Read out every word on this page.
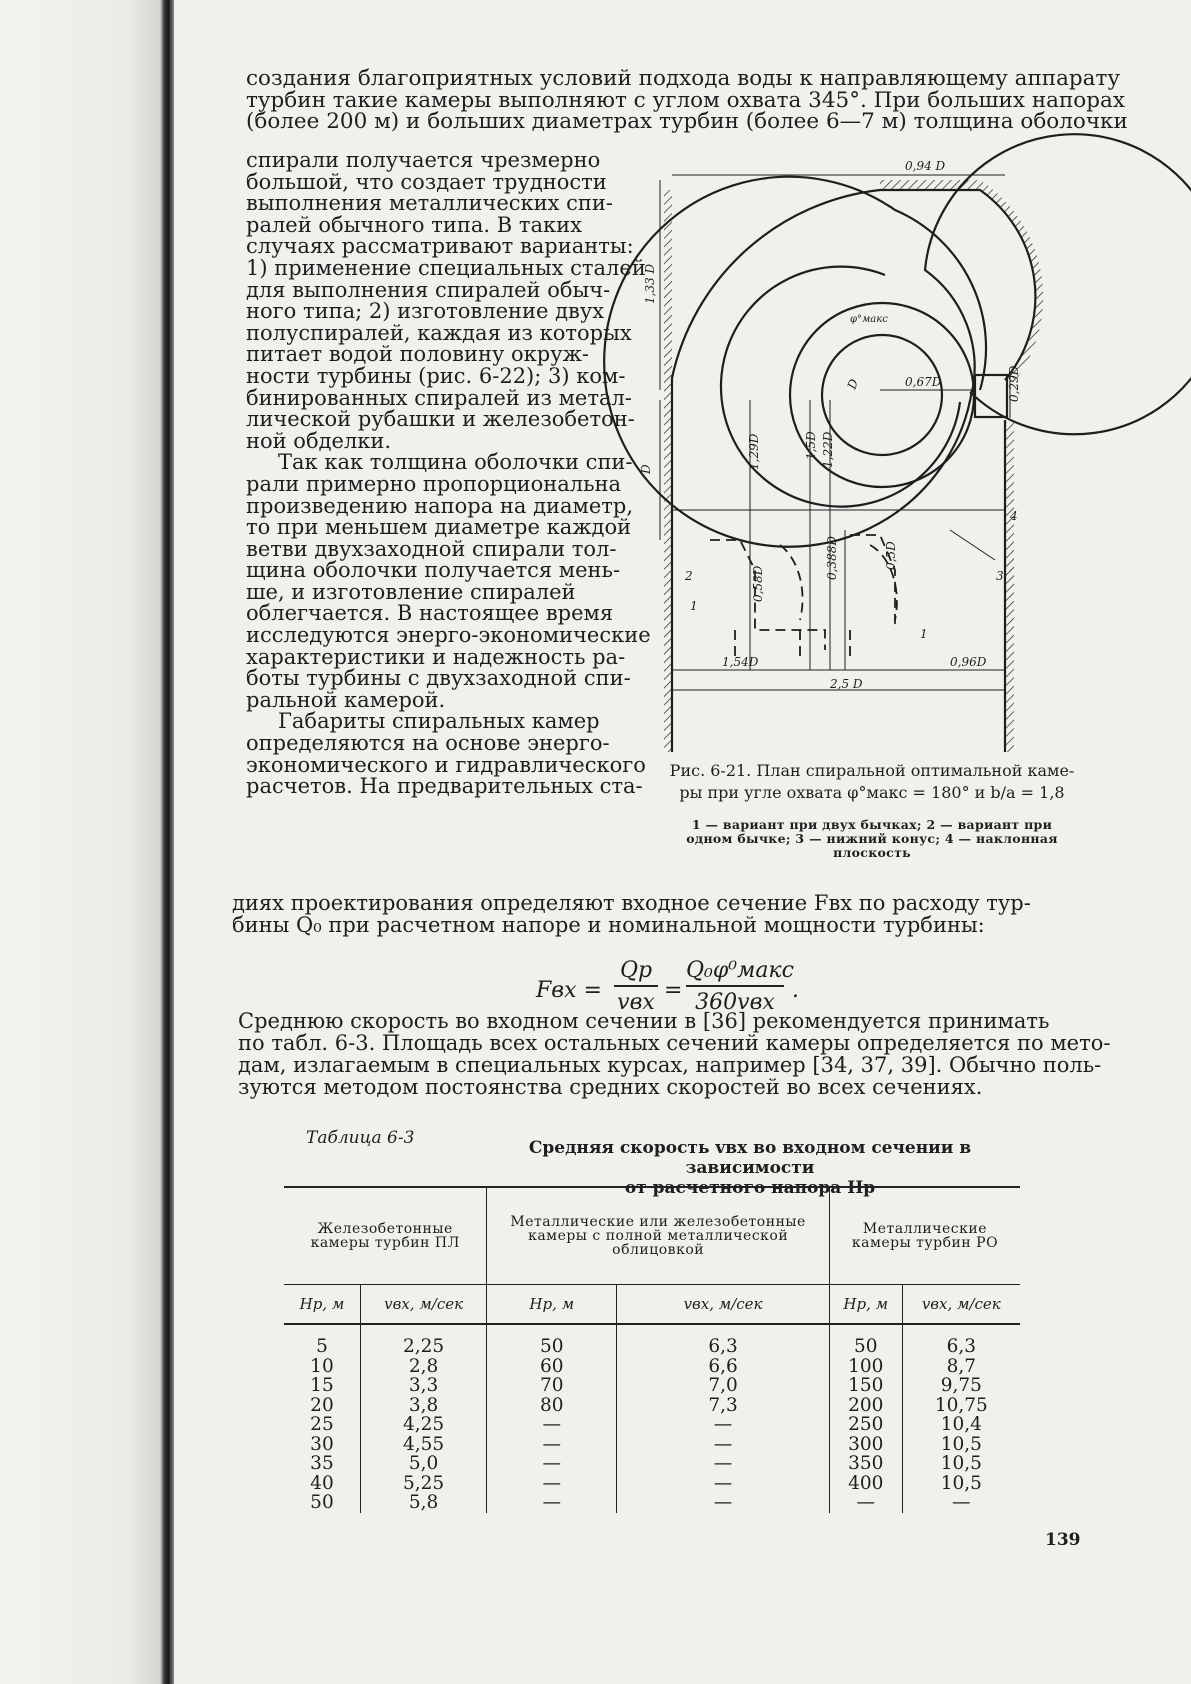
создания благоприятных условий подхода воды к направляющему аппарату
турбин такие камеры выполняют с углом охвата 345°. При больших напорах
(более 200 м) и больших диаметрах турбин (более 6—7 м) толщина оболочки
спирали получается чрезмерно
большой, что создает трудности
выполнения металлических спи-
ралей обычного типа. В таких
случаях рассматривают варианты:
1) применение специальных сталей
для выполнения спиралей обыч-
ного типа; 2) изготовление двух
полуспиралей, каждая из которых
питает водой половину окруж-
ности турбины (рис. 6-22); 3) ком-
бинированных спиралей из метал-
лической рубашки и железобетон-
ной обделки.
Так как толщина оболочки спи-
рали примерно пропорциональна
произведению напора на диаметр,
то при меньшем диаметре каждой
ветви двухзаходной спирали тол-
щина оболочки получается мень-
ше, и изготовление спиралей
облегчается. В настоящее время
исследуются энерго-экономические
характеристики и надежность ра-
боты турбины с двухзаходной спи-
ральной камерой.
Габариты спиральных камер
определяются на основе энерго-
экономического и гидравлического
расчетов. На предварительных ста-
0,94 D
1,33 D
0,67D	0,29D
D
D
1,29D	1,5D 1,22D
0,388D	0,5D
0,58D
1,54D	0,96D
2,5 D
φ°макс
1
1
2	3
4
Рис. 6-21. План спиральной оптимальной каме-
ры при угле охвата φ°макс = 180° и b/a = 1,8
1 — вариант при двух бычках; 2 — вариант при
одном бычке; 3 — нижний конус; 4 — наклонная
плоскость
диях проектирования определяют входное сечение Fвх по расходу тур-
бины Q₀ при расчетном напоре и номинальной мощности турбины:
Fвх =
Qр
vвх =
Q₀φ⁰макс
360vвх .
Среднюю скорость во входном сечении в [36] рекомендуется принимать
по табл. 6-3. Площадь всех остальных сечений камеры определяется по мето-
дам, излагаемым в специальных курсах, например [34, 37, 39]. Обычно поль-
зуются методом постоянства средних скоростей во всех сечениях.
Таблица 6-3	Средняя скорость vвх во входном сечении в зависимости
от расчетного напора Hр
Железобетонные камеры турбин ПЛ		Металлические или железобетонные камеры с полной металлической облицовкой		Металлические камеры турбин РО	
Hр, м	vвх, м/сек	Hр, м	vвх, м/сек	Hр, м	vвх, м/сек
5	2,25	50	6,3	50	6,3
10	2,8	60	6,6	100	8,7
15	3,3	70	7,0	150	9,75
20	3,8	80	7,3	200	10,75
25	4,25	—	—	250	10,4
30	4,55	—	—	300	10,5
35	5,0	—	—	350	10,5
40	5,25	—	—	400	10,5
50	5,8	—	—	—	—
139
